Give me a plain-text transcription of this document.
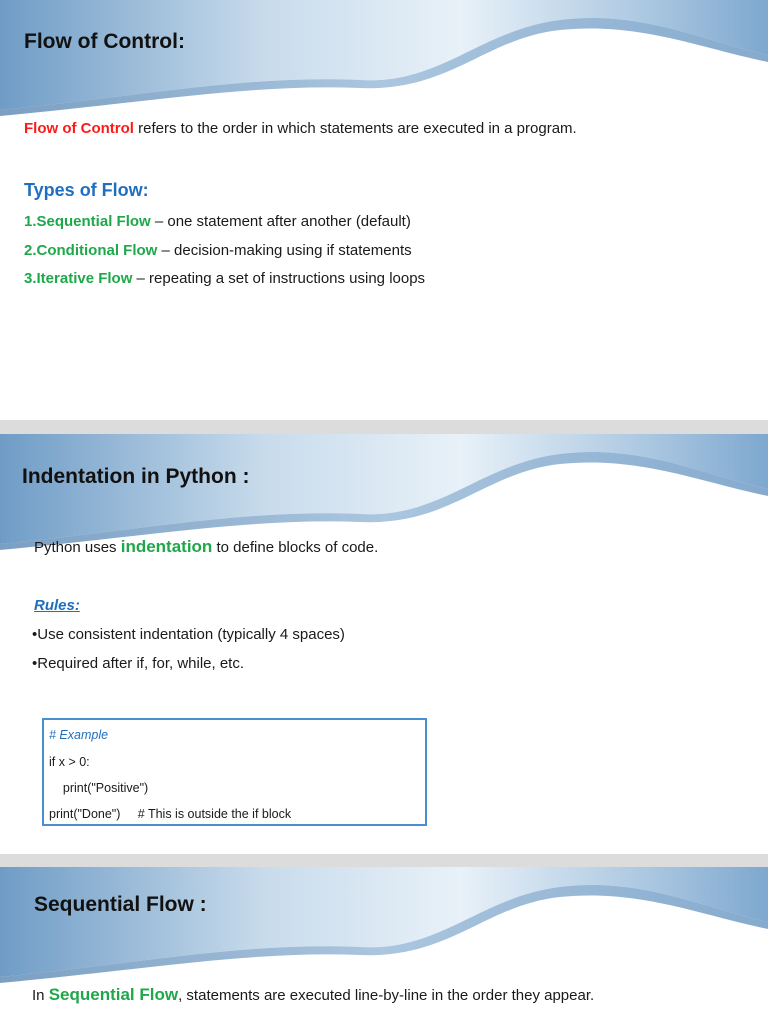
Flow of Control:
Flow of Control refers to the order in which statements are executed in a program.
Types of Flow:
1.Sequential Flow – one statement after another (default)
2.Conditional Flow – decision-making using if statements
3.Iterative Flow – repeating a set of instructions using loops
Indentation in Python :
Python uses indentation to define blocks of code.
Rules:
•Use consistent indentation (typically 4 spaces)
•Required after if, for, while, etc.
# Example
if x > 0:
print("Positive")
print("Done")     # This is outside the if block
Sequential Flow :
In Sequential Flow, statements are executed line-by-line in the order they appear.
